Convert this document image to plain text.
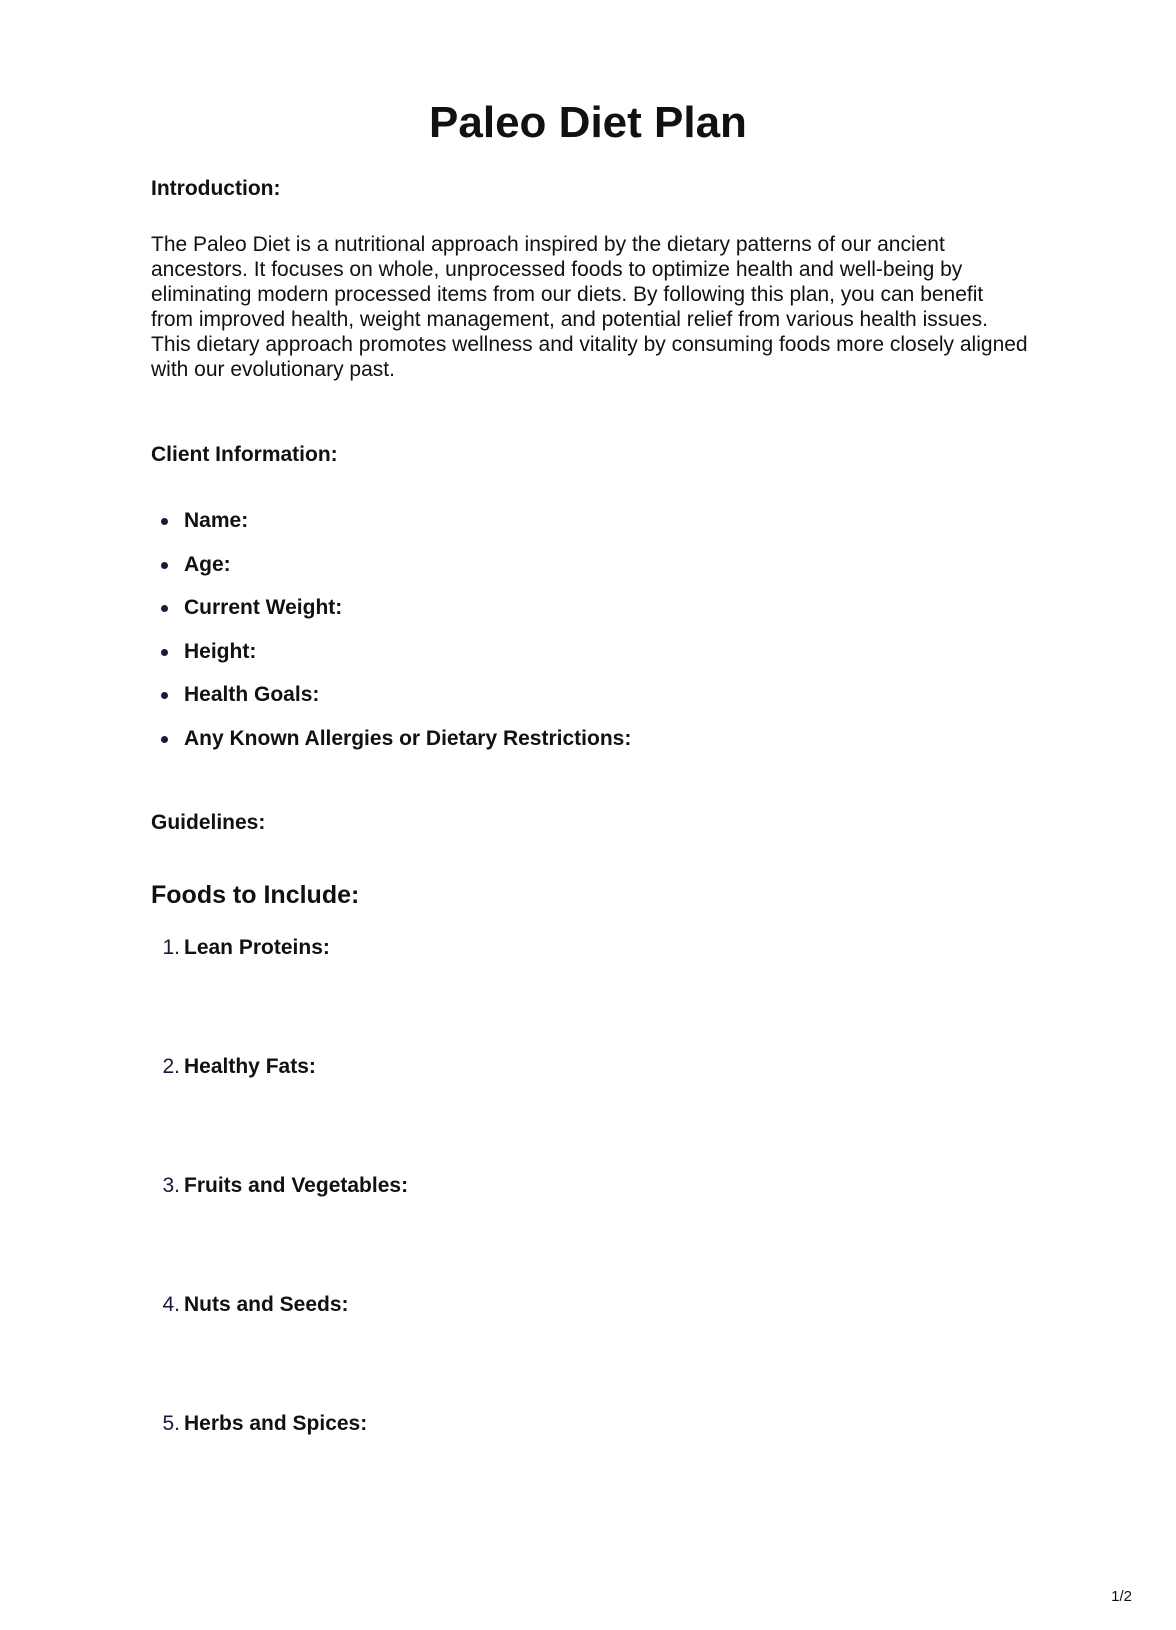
Paleo Diet Plan
Introduction:

The Paleo Diet is a nutritional approach inspired by the dietary patterns of our ancient ancestors. It focuses on whole, unprocessed foods to optimize health and well-being by eliminating modern processed items from our diets. By following this plan, you can benefit from improved health, weight management, and potential relief from various health issues. This dietary approach promotes wellness and vitality by consuming foods more closely aligned with our evolutionary past.

Client Information:
Name:
Age:
Current Weight:
Height:
Health Goals:
Any Known Allergies or Dietary Restrictions:
Guidelines:
Foods to Include:
1. Lean Proteins:
2. Healthy Fats:
3. Fruits and Vegetables:
4. Nuts and Seeds:
5. Herbs and Spices:
1/2
